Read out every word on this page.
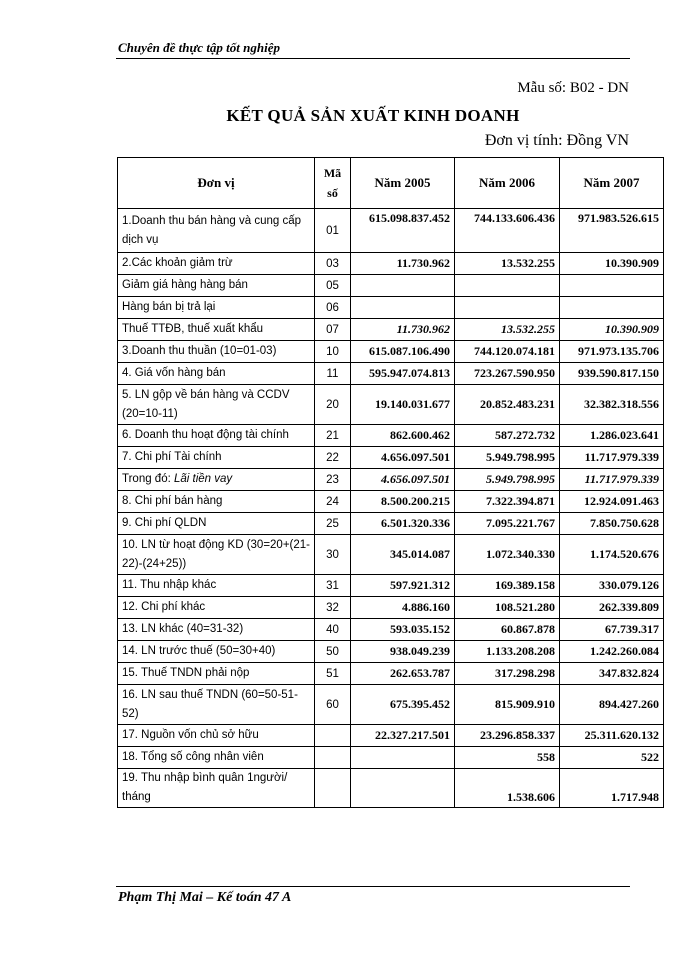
Chuyên đề thực tập tốt nghiệp
Mẫu số: B02 - DN
KẾT QUẢ SẢN XUẤT KINH DOANH
Đơn vị tính: Đồng VN
Đơn vị	Mã số	Năm 2005	Năm 2006	Năm 2007
1.Doanh thu bán hàng và cung cấp dịch vụ	01	615.098.837.452	744.133.606.436	971.983.526.615
2.Các khoản giảm trừ	03	11.730.962	13.532.255	10.390.909
Giảm giá hàng hàng bán	05			
Hàng bán bị trả lại	06			
Thuế TTĐB, thuế xuất khẩu	07	11.730.962	13.532.255	10.390.909
3.Doanh thu thuần (10=01-03)	10	615.087.106.490	744.120.074.181	971.973.135.706
4. Giá vốn hàng bán	11	595.947.074.813	723.267.590.950	939.590.817.150
5. LN gộp về bán hàng và CCDV (20=10-11)	20	19.140.031.677	20.852.483.231	32.382.318.556
6. Doanh thu hoạt động tài chính	21	862.600.462	587.272.732	1.286.023.641
7. Chi phí Tài chính	22	4.656.097.501	5.949.798.995	11.717.979.339
Trong đó: Lãi tiền vay	23	4.656.097.501	5.949.798.995	11.717.979.339
8. Chi phí bán hàng	24	8.500.200.215	7.322.394.871	12.924.091.463
9. Chi phí QLDN	25	6.501.320.336	7.095.221.767	7.850.750.628
10. LN từ hoạt động KD (30=20+(21-22)-(24+25))	30	345.014.087	1.072.340.330	1.174.520.676
11. Thu nhập khác	31	597.921.312	169.389.158	330.079.126
12. Chi phí khác	32	4.886.160	108.521.280	262.339.809
13. LN khác (40=31-32)	40	593.035.152	60.867.878	67.739.317
14. LN trước thuế (50=30+40)	50	938.049.239	1.133.208.208	1.242.260.084
15. Thuế TNDN phải nộp	51	262.653.787	317.298.298	347.832.824
16. LN sau thuế TNDN (60=50-51-52)	60	675.395.452	815.909.910	894.427.260
17. Nguồn vốn chủ sở hữu		22.327.217.501	23.296.858.337	25.311.620.132
18. Tổng số công nhân viên			558	522
19. Thu nhập bình quân 1người/ tháng			1.538.606	1.717.948
Phạm Thị Mai – Kế toán 47 A
